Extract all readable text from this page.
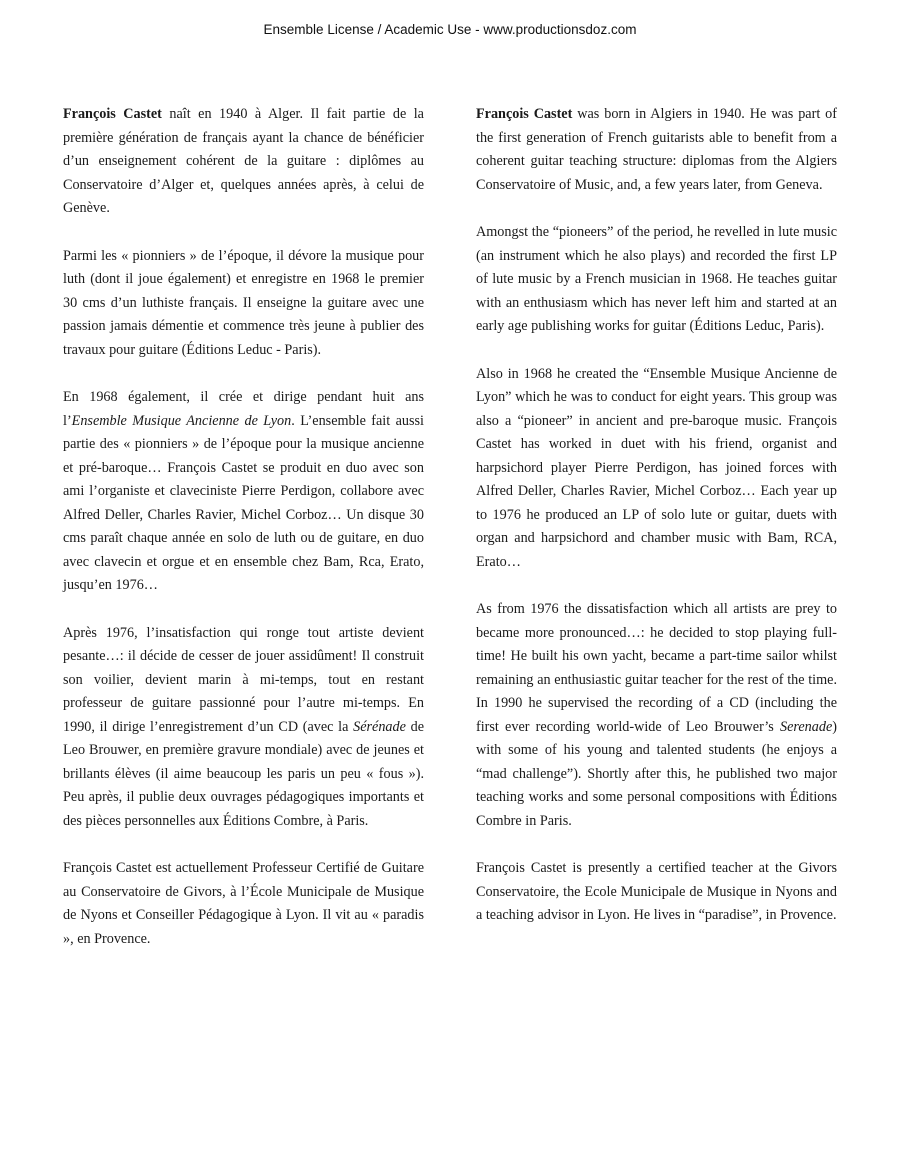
Ensemble License / Academic Use - www.productionsdoz.com

François Castet naît en 1940 à Alger. Il fait partie de la première génération de français ayant la chance de bénéficier d’un enseignement cohérent de la guitare : diplômes au Conservatoire d’Alger et, quelques années après, à celui de Genève.

Parmi les « pionniers » de l’époque, il dévore la musique pour luth (dont il joue également) et enregistre en 1968 le premier 30 cms d’un luthiste français. Il enseigne la guitare avec une passion jamais démentie et commence très jeune à publier des travaux pour guitare (Éditions Leduc - Paris).

En 1968 également, il crée et dirige pendant huit ans l’Ensemble Musique Ancienne de Lyon. L’ensemble fait aussi partie des « pionniers » de l’époque pour la musique ancienne et pré-baroque… François Castet se produit en duo avec son ami l’organiste et claveciniste Pierre Perdigon, collabore avec Alfred Deller, Charles Ravier, Michel Corboz… Un disque 30 cms paraît chaque année en solo de luth ou de guitare, en duo avec clavecin et orgue et en ensemble chez Bam, Rca, Erato, jusqu’en 1976…

Après 1976, l’insatisfaction qui ronge tout artiste devient pesante…: il décide de cesser de jouer assidûment! Il construit son voilier, devient marin à mi-temps, tout en restant professeur de guitare passionné pour l’autre mi-temps. En 1990, il dirige l’enregistrement d’un CD (avec la Sérénade de Leo Brouwer, en première gravure mondiale) avec de jeunes et brillants élèves (il aime beaucoup les paris un peu « fous »). Peu après, il publie deux ouvrages pédagogiques importants et des pièces personnelles aux Éditions Combre, à Paris.

François Castet est actuellement Professeur Certifié de Guitare au Conservatoire de Givors, à l’École Municipale de Musique de Nyons et Conseiller Pédagogique à Lyon. Il vit au « paradis », en Provence.

François Castet was born in Algiers in 1940. He was part of the first generation of French guitarists able to benefit from a coherent guitar teaching structure: diplomas from the Algiers Conservatoire of Music, and, a few years later, from Geneva.

Amongst the “pioneers” of the period, he revelled in lute music (an instrument which he also plays) and recorded the first LP of lute music by a French musician in 1968. He teaches guitar with an enthusiasm which has never left him and started at an early age publishing works for guitar (Éditions Leduc, Paris).

Also in 1968 he created the “Ensemble Musique Ancienne de Lyon” which he was to conduct for eight years. This group was also a “pioneer” in ancient and pre-baroque music. François Castet has worked in duet with his friend, organist and harpsichord player Pierre Perdigon, has joined forces with Alfred Deller, Charles Ravier, Michel Corboz… Each year up to 1976 he produced an LP of solo lute or guitar, duets with organ and harpsichord and chamber music with Bam, RCA, Erato…

As from 1976 the dissatisfaction which all artists are prey to became more pronounced…: he decided to stop playing full-time! He built his own yacht, became a part-time sailor whilst remaining an enthusiastic guitar teacher for the rest of the time. In 1990 he supervised the recording of a CD (including the first ever recording world-wide of Leo Brouwer’s Serenade) with some of his young and talented students (he enjoys a “mad challenge”). Shortly after this, he published two major teaching works and some personal compositions with Éditions Combre in Paris.

François Castet is presently a certified teacher at the Givors Conservatoire, the Ecole Municipale de Musique in Nyons and a teaching advisor in Lyon. He lives in “paradise”, in Provence.
